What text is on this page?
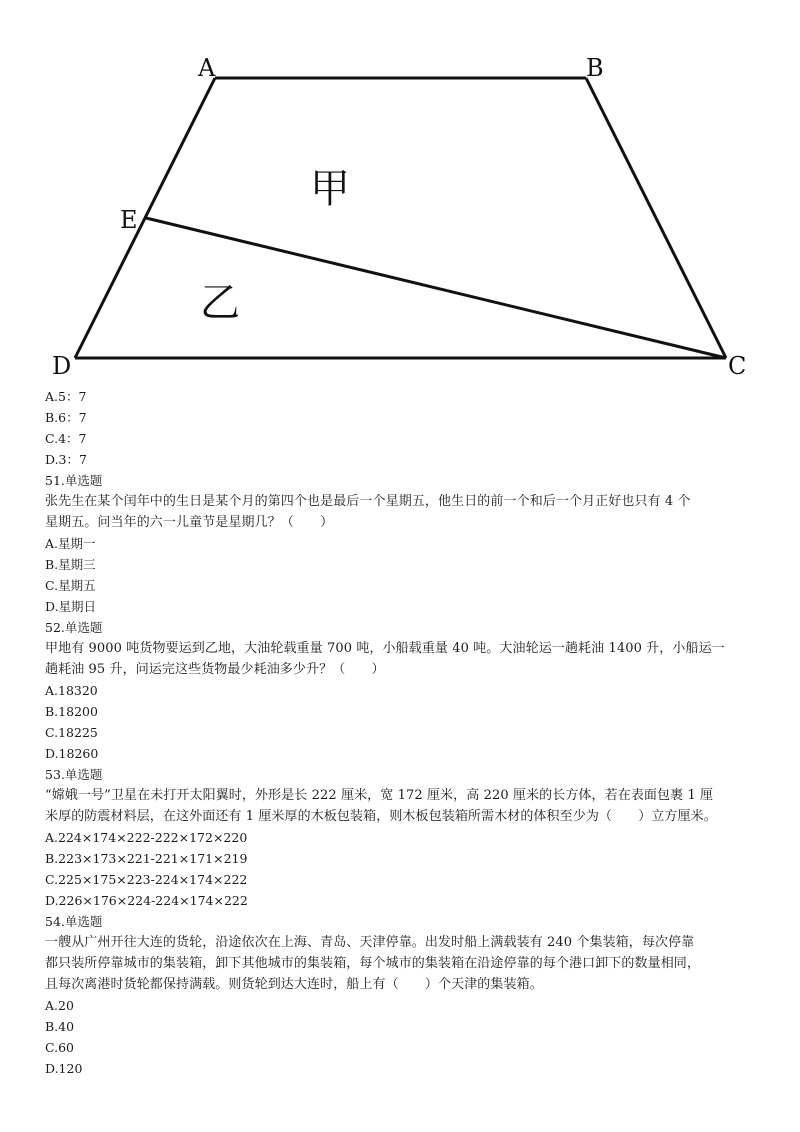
A	B
C
D
E
甲
乙
A.5：7
B.6：7
C.4：7
D.3：7
51.单选题
张先生在某个闰年中的生日是某个月的第四个也是最后一个星期五，他生日的前一个和后一个月正好也只有 4 个
星期五。问当年的六一儿童节是星期几？（　　）
A.星期一
B.星期三
C.星期五
D.星期日
52.单选题
甲地有 9000 吨货物要运到乙地，大油轮载重量 700 吨，小船载重量 40 吨。大油轮运一趟耗油 1400 升，小船运一
趟耗油 95 升，问运完这些货物最少耗油多少升？（　　）
A.18320
B.18200
C.18225
D.18260
53.单选题
“嫦娥一号”卫星在未打开太阳翼时，外形是长 222 厘米，宽 172 厘米，高 220 厘米的长方体，若在表面包裹 1 厘
米厚的防震材料层，在这外面还有 1 厘米厚的木板包装箱，则木板包装箱所需木材的体积至少为（　　）立方厘米。
A.224×174×222-222×172×220
B.223×173×221-221×171×219
C.225×175×223-224×174×222
D.226×176×224-224×174×222
54.单选题
一艘从广州开往大连的货轮，沿途依次在上海、青岛、天津停靠。出发时船上满载装有 240 个集装箱，每次停靠
都只装所停靠城市的集装箱，卸下其他城市的集装箱，每个城市的集装箱在沿途停靠的每个港口卸下的数量相同，
且每次离港时货轮都保持满载。则货轮到达大连时，船上有（　　）个天津的集装箱。
A.20
B.40
C.60
D.120
